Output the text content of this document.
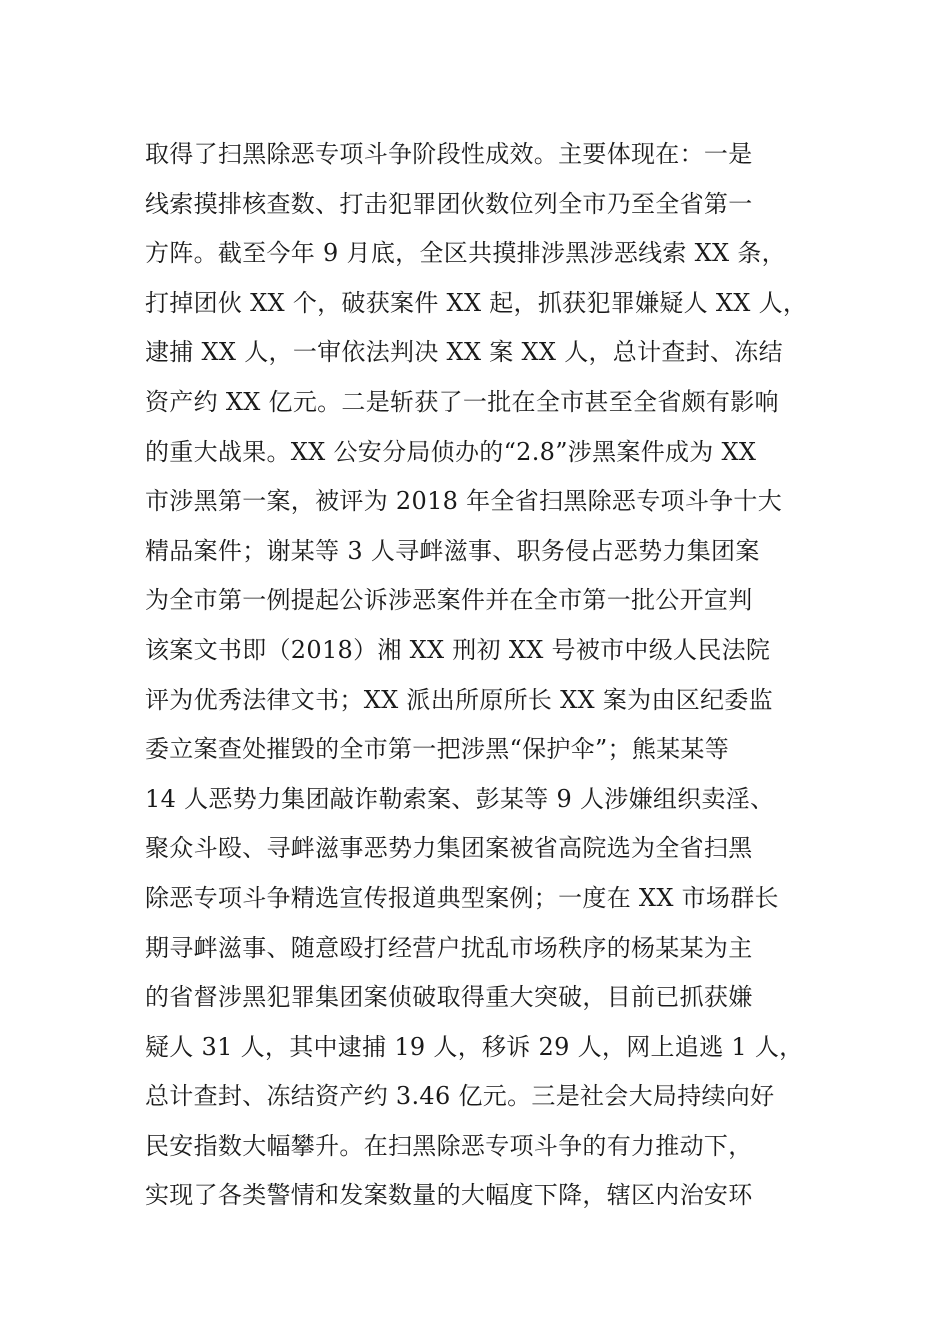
取得了扫黑除恶专项斗争阶段性成效。主要体现在：一是
线索摸排核查数、打击犯罪团伙数位列全市乃至全省第一
方阵。截至今年 9 月底，全区共摸排涉黑涉恶线索 XX 条，
打掉团伙 XX 个，破获案件 XX 起，抓获犯罪嫌疑人 XX 人，
逮捕 XX 人，一审依法判决 XX 案 XX 人，总计查封、冻结
资产约 XX 亿元。二是斩获了一批在全市甚至全省颇有影响
的重大战果。XX 公安分局侦办的“2.8”涉黑案件成为 XX
市涉黑第一案，被评为 2018 年全省扫黑除恶专项斗争十大
精品案件；谢某等 3 人寻衅滋事、职务侵占恶势力集团案
为全市第一例提起公诉涉恶案件并在全市第一批公开宣判
该案文书即（2018）湘 XX 刑初 XX 号被市中级人民法院
评为优秀法律文书；XX 派出所原所长 XX 案为由区纪委监
委立案查处摧毁的全市第一把涉黑“保护伞”；熊某某等
14 人恶势力集团敲诈勒索案、彭某等 9 人涉嫌组织卖淫、
聚众斗殴、寻衅滋事恶势力集团案被省高院选为全省扫黑
除恶专项斗争精选宣传报道典型案例；一度在 XX 市场群长
期寻衅滋事、随意殴打经营户扰乱市场秩序的杨某某为主
的省督涉黑犯罪集团案侦破取得重大突破，目前已抓获嫌
疑人 31 人，其中逮捕 19 人，移诉 29 人，网上追逃 1 人，
总计查封、冻结资产约 3.46 亿元。三是社会大局持续向好
民安指数大幅攀升。在扫黑除恶专项斗争的有力推动下，
实现了各类警情和发案数量的大幅度下降，辖区内治安环
